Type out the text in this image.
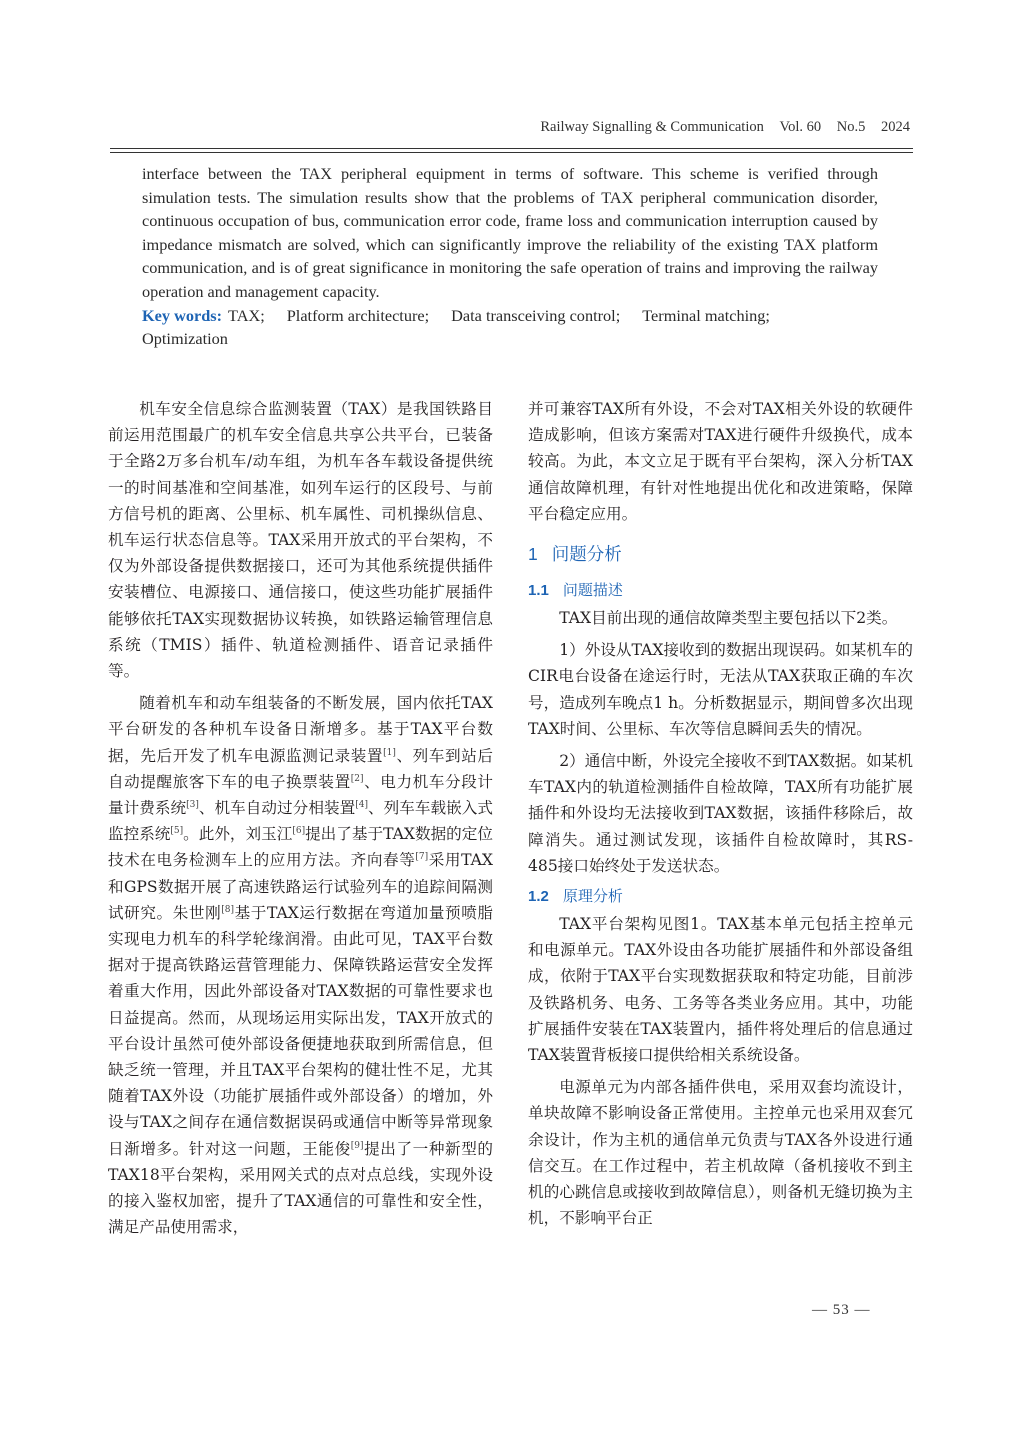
Railway Signalling & Communication Vol. 60 No.5 2024
interface between the TAX peripheral equipment in terms of software. This scheme is verified through simulation tests. The simulation results show that the problems of TAX peripheral communication disorder, continuous occupation of bus, communication error code, frame loss and communication interruption caused by impedance mismatch are solved, which can significantly improve the reliability of the existing TAX platform communication, and is of great significance in monitoring the safe operation of trains and improving the railway operation and management capacity.
Key words: TAX; Platform architecture; Data transceiving control; Terminal matching;
Optimization

机车安全信息综合监测装置（TAX）是我国铁路目前运用范围最广的机车安全信息共享公共平台，已装备于全路2万多台机车/动车组，为机车各车载设备提供统一的时间基准和空间基准，如列车运行的区段号、与前方信号机的距离、公里标、机车属性、司机操纵信息、机车运行状态信息等。TAX采用开放式的平台架构，不仅为外部设备提供数据接口，还可为其他系统提供插件安装槽位、电源接口、通信接口，使这些功能扩展插件能够依托TAX实现数据协议转换，如铁路运输管理信息系统（TMIS）插件、轨道检测插件、语音记录插件等。

随着机车和动车组装备的不断发展，国内依托TAX平台研发的各种机车设备日渐增多。基于TAX平台数据，先后开发了机车电源监测记录装置[1]、列车到站后自动提醒旅客下车的电子换票装置[2]、电力机车分段计量计费系统[3]、机车自动过分相装置[4]、列车车载嵌入式监控系统[5]。此外，刘玉江[6]提出了基于TAX数据的定位技术在电务检测车上的应用方法。齐向春等[7]采用TAX和GPS数据开展了高速铁路运行试验列车的追踪间隔测试研究。朱世刚[8]基于TAX运行数据在弯道加量预喷脂实现电力机车的科学轮缘润滑。由此可见，TAX平台数据对于提高铁路运营管理能力、保障铁路运营安全发挥着重大作用，因此外部设备对TAX数据的可靠性要求也日益提高。然而，从现场运用实际出发，TAX开放式的平台设计虽然可使外部设备便捷地获取到所需信息，但缺乏统一管理，并且TAX平台架构的健壮性不足，尤其随着TAX外设（功能扩展插件或外部设备）的增加，外设与TAX之间存在通信数据误码或通信中断等异常现象日渐增多。针对这一问题，王能俊[9]提出了一种新型的TAX18平台架构，采用网关式的点对点总线，实现外设的接入鉴权加密，提升了TAX通信的可靠性和安全性，满足产品使用需求，

并可兼容TAX所有外设，不会对TAX相关外设的软硬件造成影响，但该方案需对TAX进行硬件升级换代，成本较高。为此，本文立足于既有平台架构，深入分析TAX通信故障机理，有针对性地提出优化和改进策略，保障平台稳定应用。

1 问题分析
1.1 问题描述

TAX目前出现的通信故障类型主要包括以下2类。

1）外设从TAX接收到的数据出现误码。如某机车的CIR电台设备在途运行时，无法从TAX获取正确的车次号，造成列车晚点1 h。分析数据显示，期间曾多次出现TAX时间、公里标、车次等信息瞬间丢失的情况。

2）通信中断，外设完全接收不到TAX数据。如某机车TAX内的轨道检测插件自检故障，TAX所有功能扩展插件和外设均无法接收到TAX数据，该插件移除后，故障消失。通过测试发现，该插件自检故障时，其RS-485接口始终处于发送状态。

1.2 原理分析

TAX平台架构见图1。TAX基本单元包括主控单元和电源单元。TAX外设由各功能扩展插件和外部设备组成，依附于TAX平台实现数据获取和特定功能，目前涉及铁路机务、电务、工务等各类业务应用。其中，功能扩展插件安装在TAX装置内，插件将处理后的信息通过TAX装置背板接口提供给相关系统设备。

电源单元为内部各插件供电，采用双套均流设计，单块故障不影响设备正常使用。主控单元也采用双套冗余设计，作为主机的通信单元负责与TAX各外设进行通信交互。在工作过程中，若主机故障（备机接收不到主机的心跳信息或接收到故障信息），则备机无缝切换为主机，不影响平台正

— 53 —
